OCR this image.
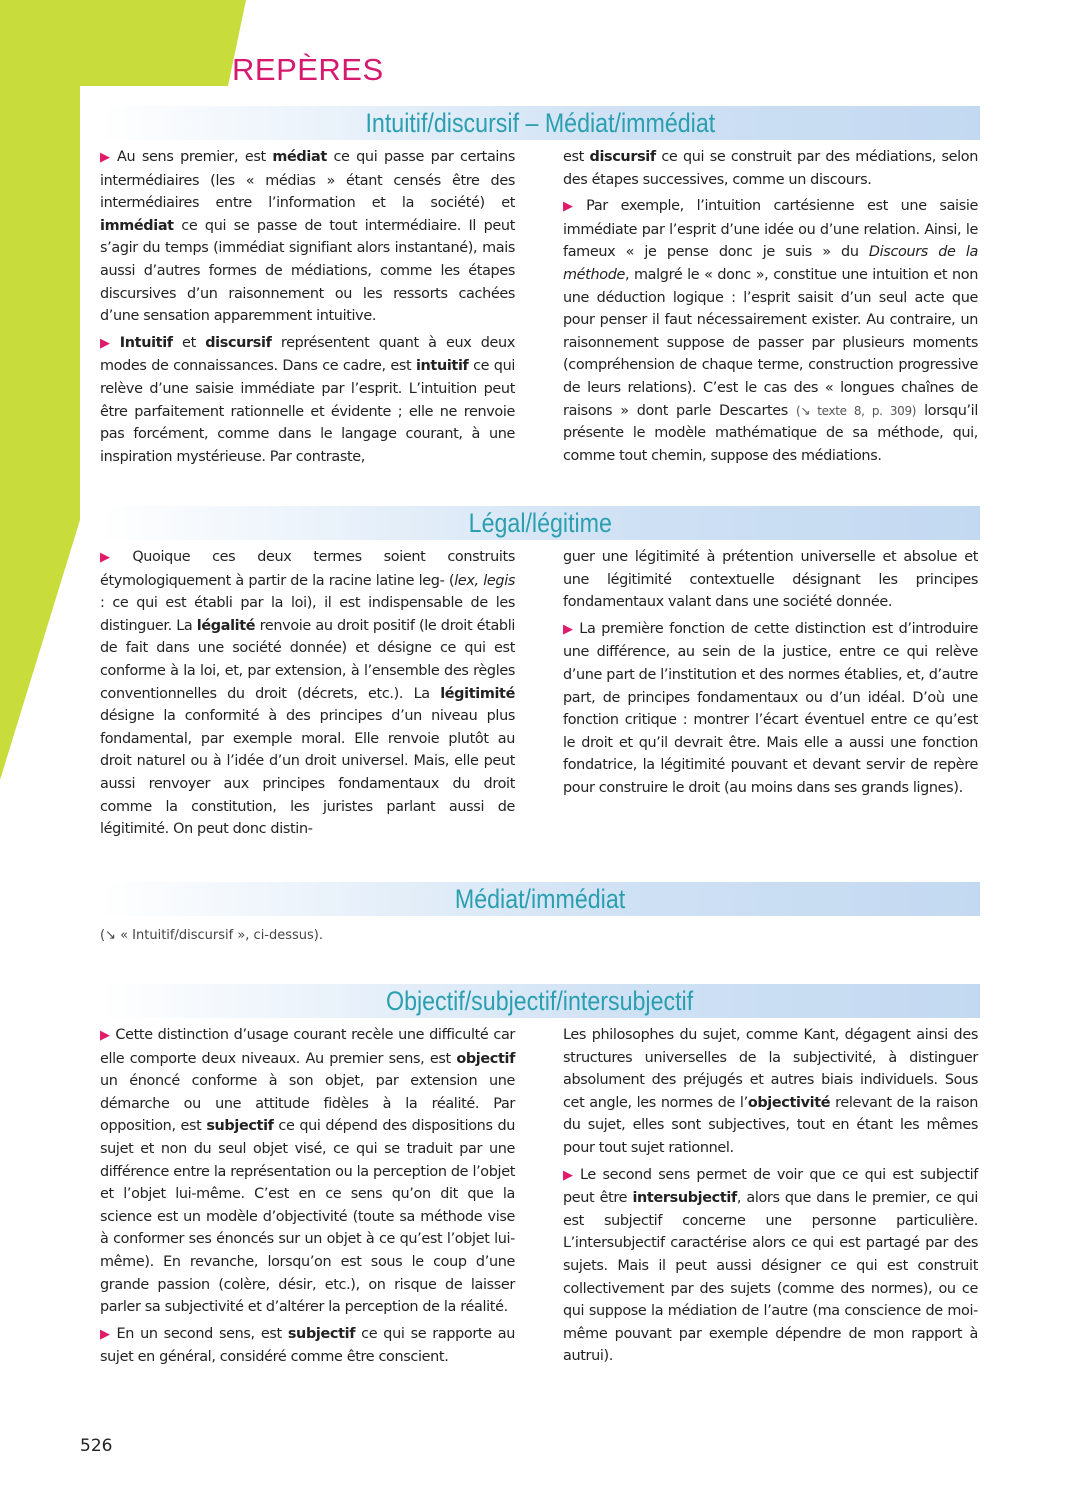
REPÈRES
Intuitif/discursif – Médiat/immédiat

▶ Au sens premier, est médiat ce qui passe par certains intermédiaires (les « médias » étant censés être des intermédiaires entre l’information et la société) et immédiat ce qui se passe de tout intermédiaire. Il peut s’agir du temps (immédiat signifiant alors instantané), mais aussi d’autres formes de médiations, comme les étapes discursives d’un raisonnement ou les ressorts cachées d’une sensation apparemment intuitive.

▶ Intuitif et discursif représentent quant à eux deux modes de connaissances. Dans ce cadre, est intuitif ce qui relève d’une saisie immédiate par l’esprit. L’intuition peut être parfaitement rationnelle et évidente ; elle ne renvoie pas forcément, comme dans le langage courant, à une inspiration mystérieuse. Par contraste,

est discursif ce qui se construit par des médiations, selon des étapes successives, comme un discours.

▶ Par exemple, l’intuition cartésienne est une saisie immédiate par l’esprit d’une idée ou d’une relation. Ainsi, le fameux « je pense donc je suis » du Discours de la méthode, malgré le « donc », constitue une intuition et non une déduction logique : l’esprit saisit d’un seul acte que pour penser il faut nécessairement exister. Au contraire, un raisonnement suppose de passer par plusieurs moments (compréhension de chaque terme, construction progressive de leurs relations). C’est le cas des « longues chaînes de raisons » dont parle Descartes (↘ texte 8, p. 309) lorsqu’il présente le modèle mathématique de sa méthode, qui, comme tout chemin, suppose des médiations.

Légal/légitime

▶ Quoique ces deux termes soient construits étymologiquement à partir de la racine latine leg- (lex, legis : ce qui est établi par la loi), il est indispensable de les distinguer. La légalité renvoie au droit positif (le droit établi de fait dans une société donnée) et désigne ce qui est conforme à la loi, et, par extension, à l’ensemble des règles conventionnelles du droit (décrets, etc.). La légitimité désigne la conformité à des principes d’un niveau plus fondamental, par exemple moral. Elle renvoie plutôt au droit naturel ou à l’idée d’un droit universel. Mais, elle peut aussi renvoyer aux principes fondamentaux du droit comme la constitution, les juristes parlant aussi de légitimité. On peut donc distin-

guer une légitimité à prétention universelle et absolue et une légitimité contextuelle désignant les principes fondamentaux valant dans une société donnée.

▶ La première fonction de cette distinction est d’introduire une différence, au sein de la justice, entre ce qui relève d’une part de l’institution et des normes établies, et, d’autre part, de principes fondamentaux ou d’un idéal. D’où une fonction critique : montrer l’écart éventuel entre ce qu’est le droit et qu’il devrait être. Mais elle a aussi une fonction fondatrice, la légitimité pouvant et devant servir de repère pour construire le droit (au moins dans ses grands lignes).

Médiat/immédiat
(↘ « Intuitif/discursif », ci-dessus).
Objectif/subjectif/intersubjectif

▶ Cette distinction d’usage courant recèle une difficulté car elle comporte deux niveaux. Au premier sens, est objectif un énoncé conforme à son objet, par extension une démarche ou une attitude fidèles à la réalité. Par opposition, est subjectif ce qui dépend des dispositions du sujet et non du seul objet visé, ce qui se traduit par une différence entre la représentation ou la perception de l’objet et l’objet lui-même. C’est en ce sens qu’on dit que la science est un modèle d’objectivité (toute sa méthode vise à conformer ses énoncés sur un objet à ce qu’est l’objet lui-même). En revanche, lorsqu’on est sous le coup d’une grande passion (colère, désir, etc.), on risque de laisser parler sa subjectivité et d’altérer la perception de la réalité.

▶ En un second sens, est subjectif ce qui se rapporte au sujet en général, considéré comme être conscient.

Les philosophes du sujet, comme Kant, dégagent ainsi des structures universelles de la subjectivité, à distinguer absolument des préjugés et autres biais individuels. Sous cet angle, les normes de l’objectivité relevant de la raison du sujet, elles sont subjectives, tout en étant les mêmes pour tout sujet rationnel.

▶ Le second sens permet de voir que ce qui est subjectif peut être intersubjectif, alors que dans le premier, ce qui est subjectif concerne une personne particulière. L’intersubjectif caractérise alors ce qui est partagé par des sujets. Mais il peut aussi désigner ce qui est construit collectivement par des sujets (comme des normes), ou ce qui suppose la médiation de l’autre (ma conscience de moi-même pouvant par exemple dépendre de mon rapport à autrui).

526
